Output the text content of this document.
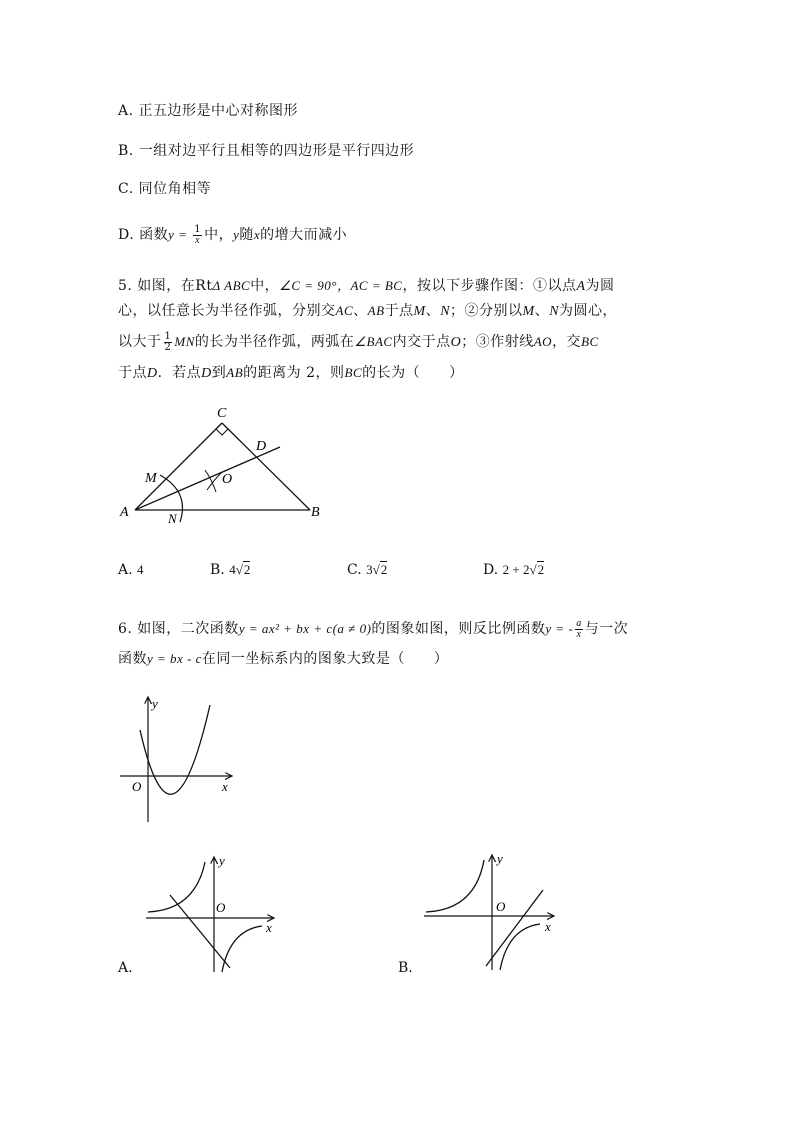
A. 正五边形是中心对称图形
B. 一组对边平行且相等的四边形是平行四边形
C. 同位角相等
D. 函数$y = \frac{1}{x}$ 中，y随x的增大而减小
5. 如图，在RtΔ ABC中，∠C = 90°，AC = BC，按以下步骤作图：①以点A为圆
心，以任意长为半径作弧，分别交AC、AB于点M、N；②分别以M、N为圆心，
以大于 $\frac{1}{2}$ MN的长为半径作弧，两弧在∠BAC内交于点O；③作射线AO，交BC
于点D．若点D到AB的距离为 2，则BC的长为（　　）
C
D
M	O
A	N	B
A. 4	B. 4√2	C. 3√2	D. 2 + 2√2
6. 如图，二次函数y = ax² + bx + c(a ≠ 0)的图象如图，则反比例函数y = - $\frac{a}{x}$ 与一次
函数y = bx - c在同一坐标系内的图象大致是（　　）
y
x
O
y
x
O
A.
y
x
O
B.
